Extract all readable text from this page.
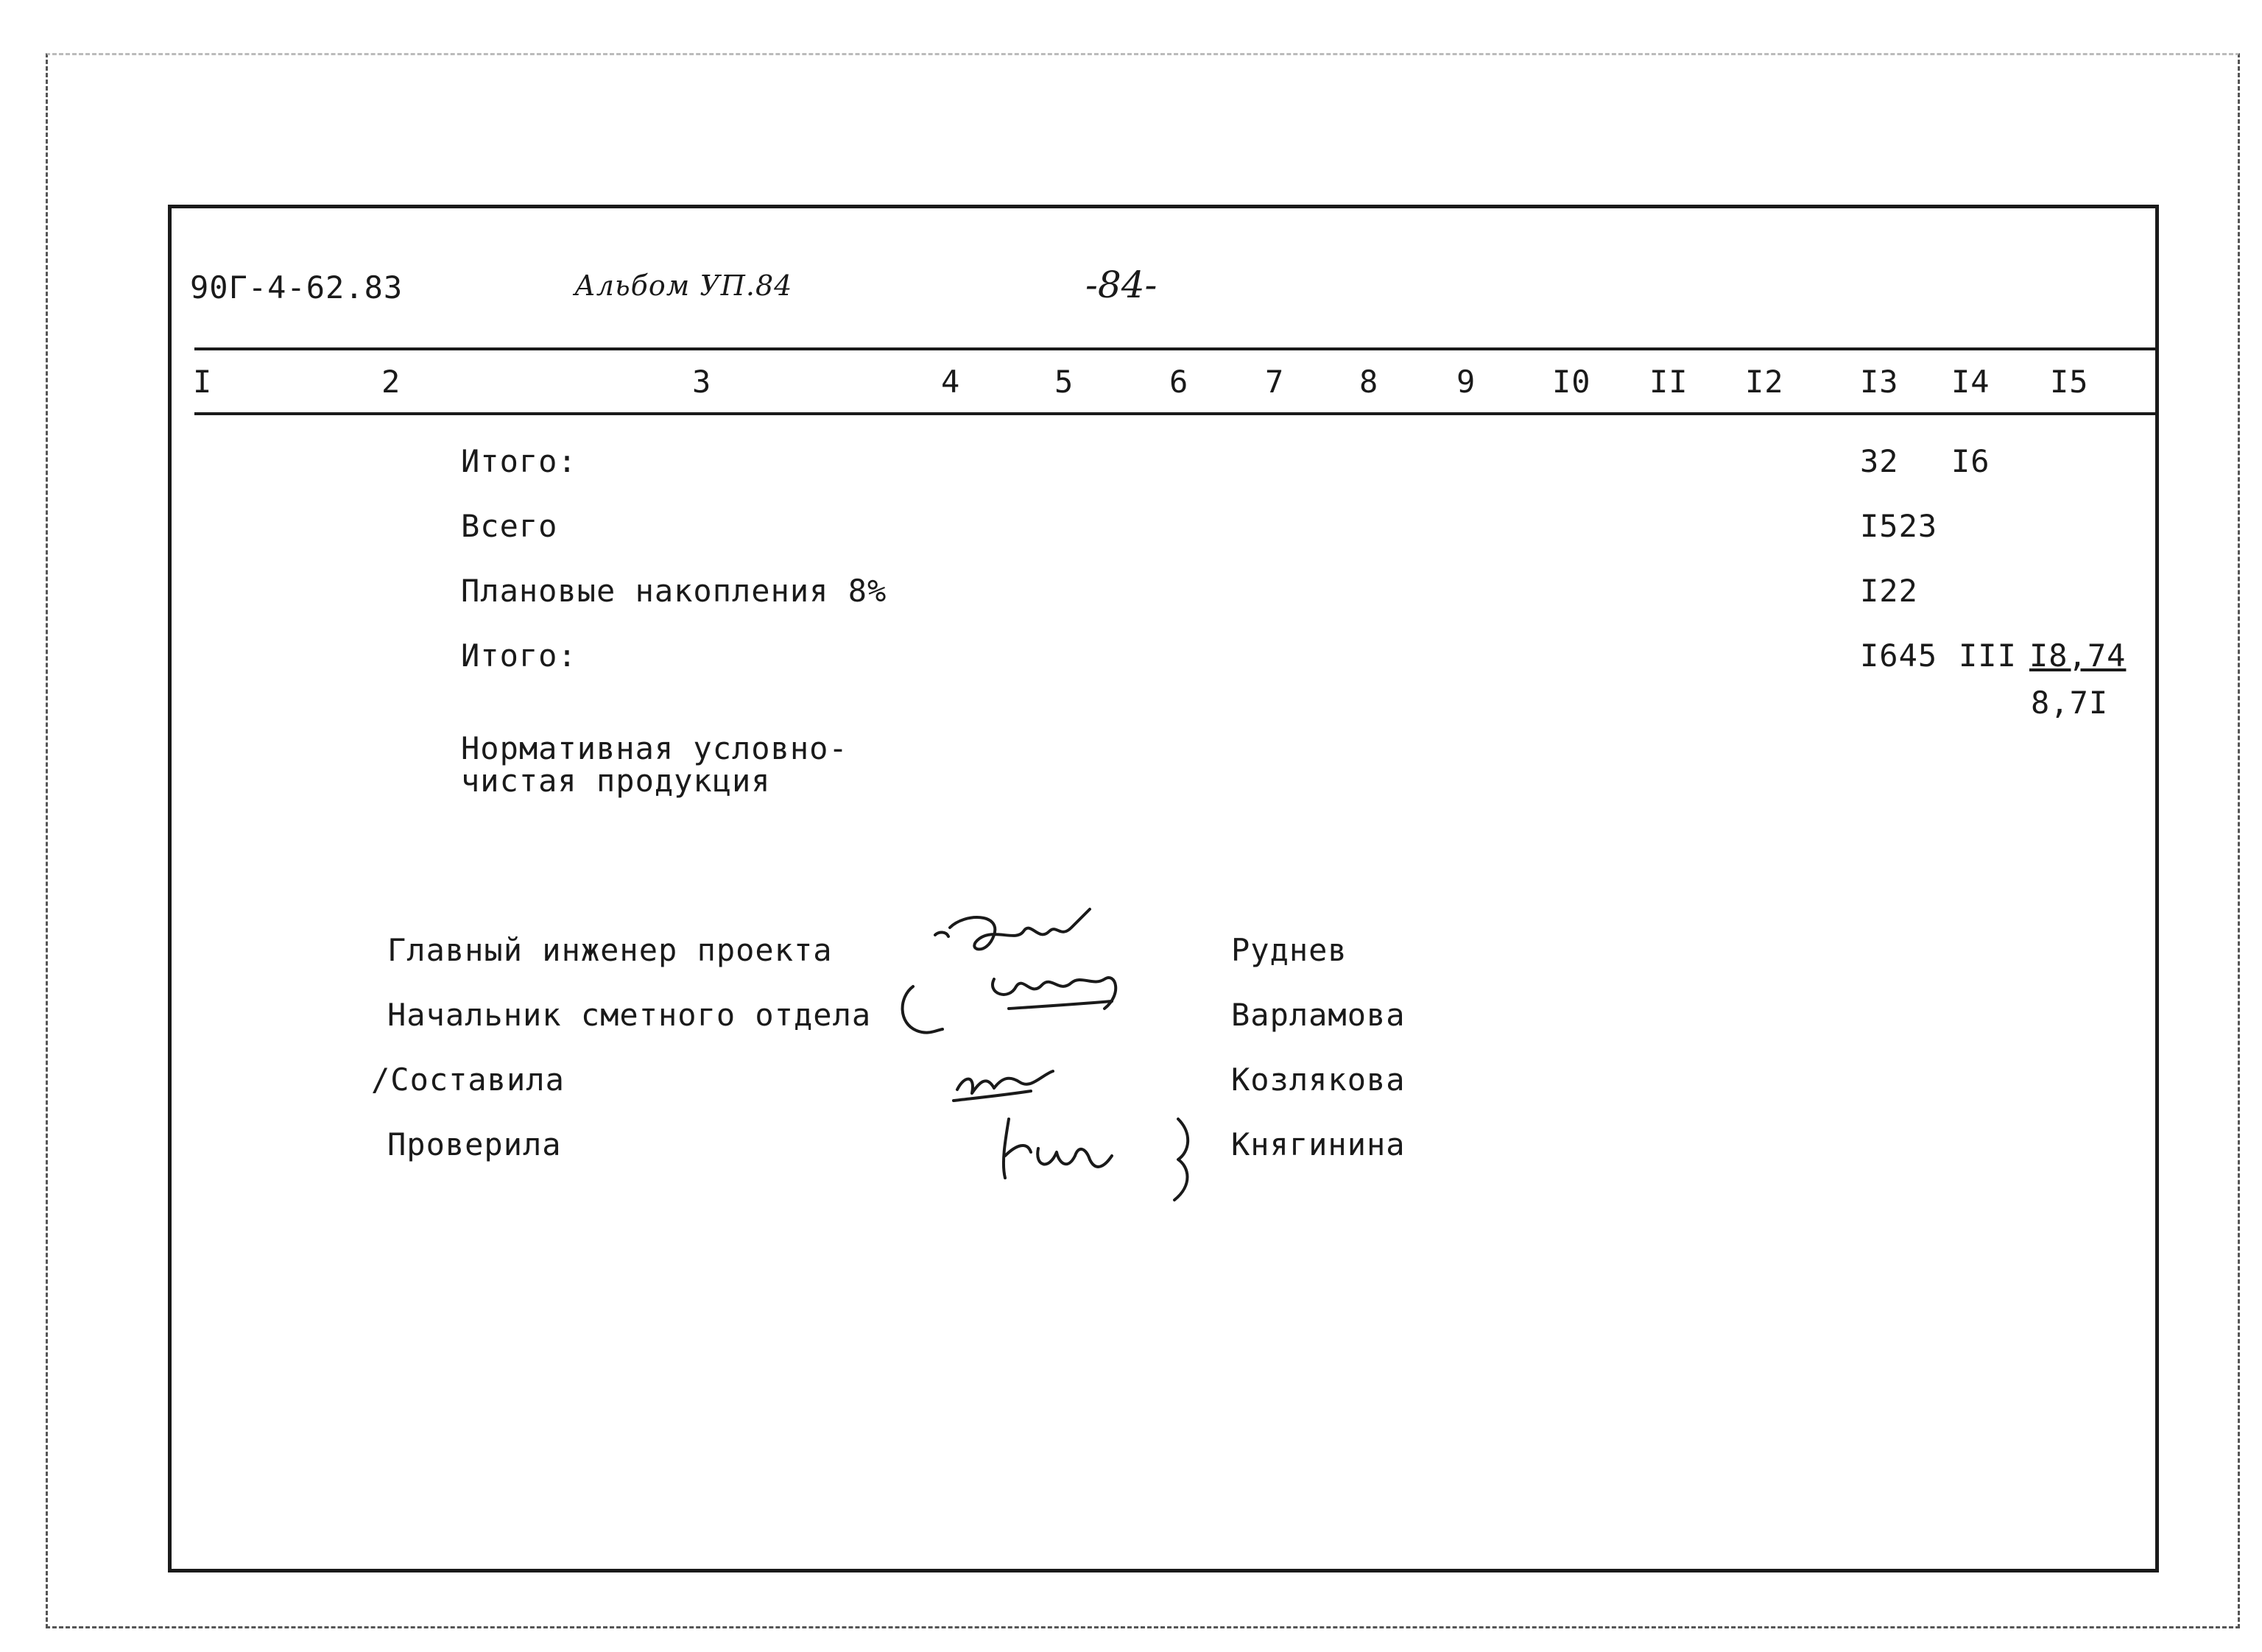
90Г-4-62.83	Альбом УП.84	-84-
I	2	3	4	5	6 7 8	9 I0 II I2 I3 I4 I5
Итого:	32 I6
Всего	I523
Плановые накопления 8%	I22
Итого:	I645 III I8,74
8,7I
Нормативная условно-
чистая продукция
Главный инженер проекта	Руднев
Начальник сметного отдела	Варламова
/Составила	Козлякова
Проверила	Княгинина
